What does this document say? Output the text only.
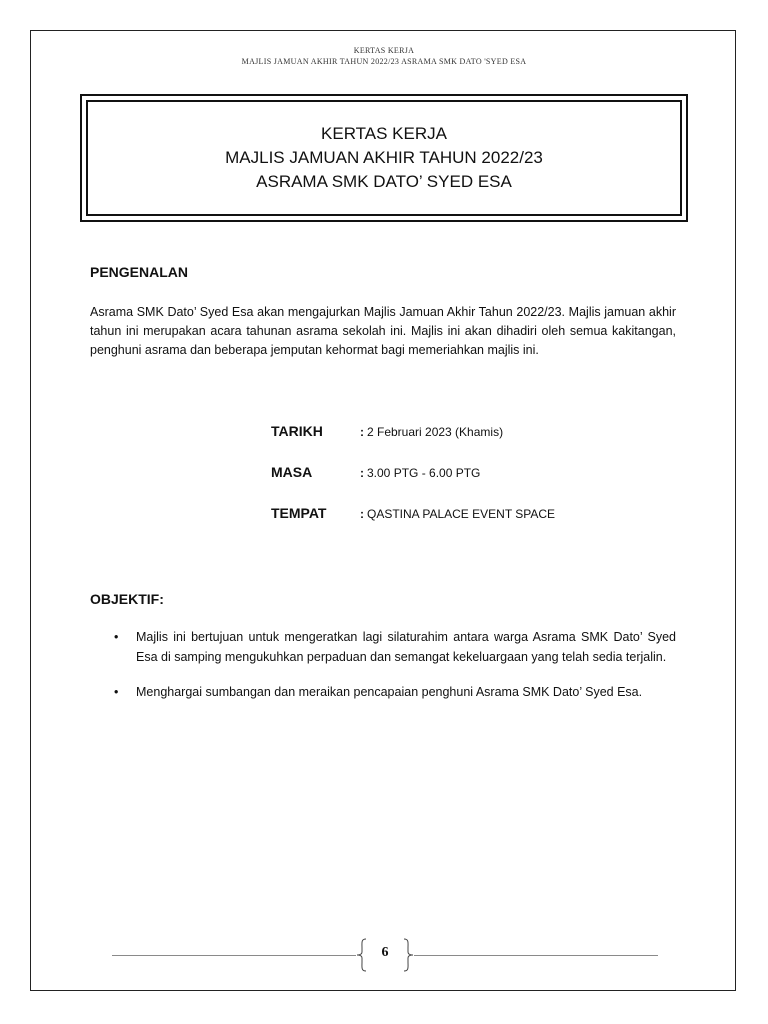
KERTAS KERJA
MAJLIS JAMUAN AKHIR TAHUN 2022/23 ASRAMA SMK DATO 'SYED ESA
KERTAS KERJA
MAJLIS JAMUAN AKHIR TAHUN 2022/23
ASRAMA SMK DATO’ SYED ESA
PENGENALAN
Asrama SMK Dato’ Syed Esa akan mengajurkan Majlis Jamuan Akhir Tahun 2022/23. Majlis jamuan akhir tahun ini merupakan acara tahunan asrama sekolah ini. Majlis ini akan dihadiri oleh semua kakitangan, penghuni asrama dan beberapa jemputan kehormat bagi memeriahkan majlis ini.
TARIKH	: 2 Februari 2023 (Khamis)
MASA	: 3.00 PTG - 6.00 PTG
TEMPAT	: QASTINA PALACE EVENT SPACE
OBJEKTIF:
• Majlis ini bertujuan untuk mengeratkan lagi silaturahim antara warga Asrama SMK Dato’ Syed Esa di samping mengukuhkan perpaduan dan semangat kekeluargaan yang telah sedia terjalin.
• Menghargai sumbangan dan meraikan pencapaian penghuni Asrama SMK Dato’ Syed Esa.
6
